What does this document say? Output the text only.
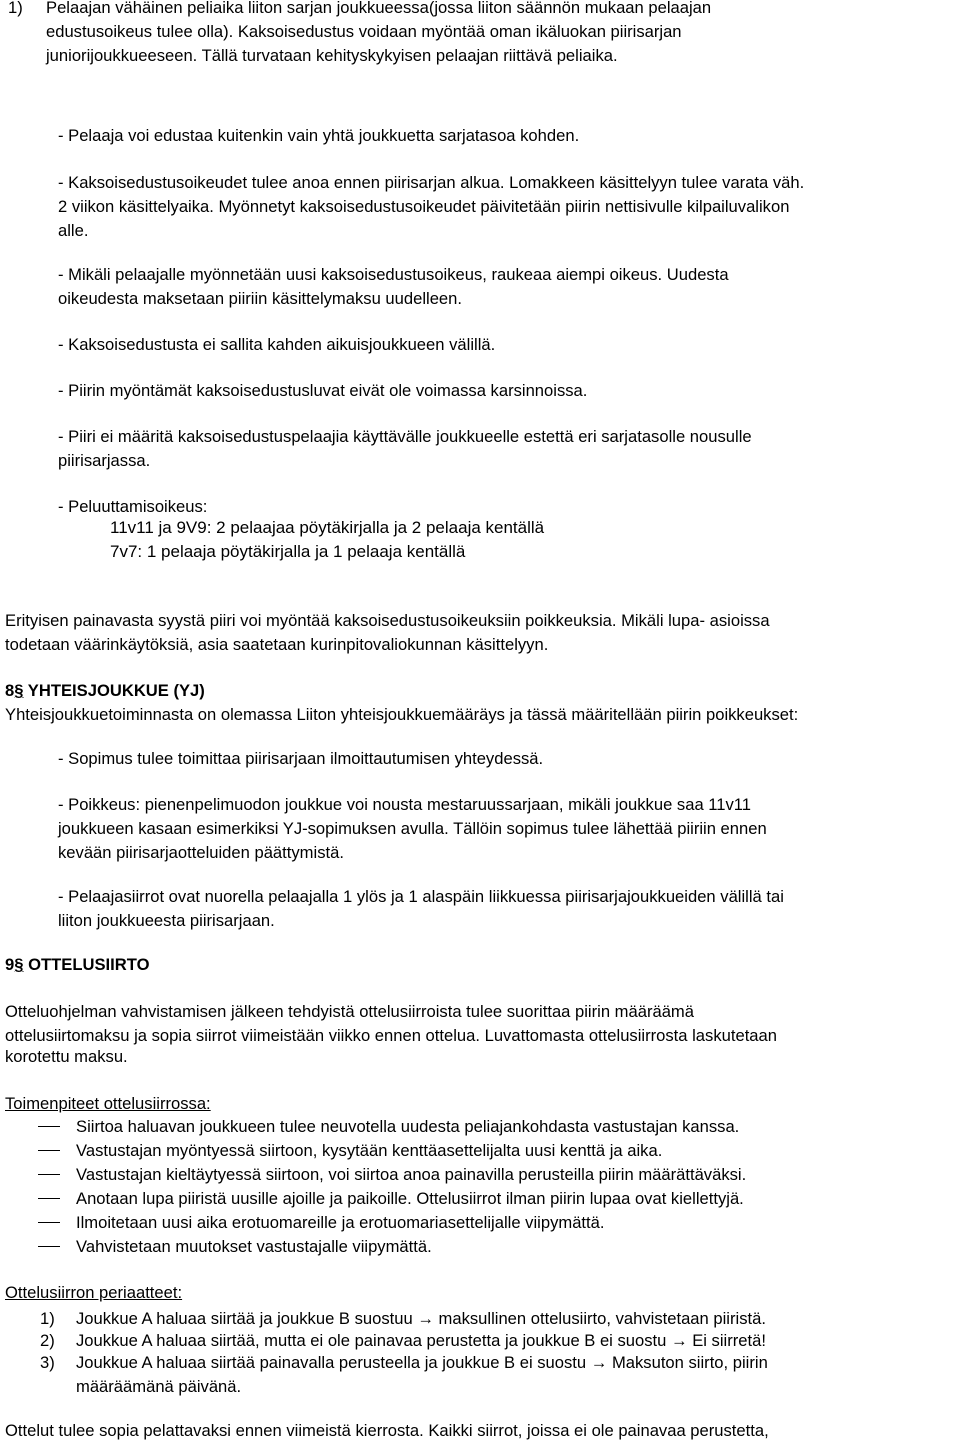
1) Pelaajan vähäinen peliaika liiton sarjan joukkueessa(jossa liiton säännön mukaan pelaajan
edustusoikeus tulee olla). Kaksoisedustus voidaan myöntää oman ikäluokan piirisarjan
juniorijoukkueeseen. Tällä turvataan kehityskykyisen pelaajan riittävä peliaika.
- Pelaaja voi edustaa kuitenkin vain yhtä joukkuetta sarjatasoa kohden.
- Kaksoisedustusoikeudet tulee anoa ennen piirisarjan alkua. Lomakkeen käsittelyyn tulee varata väh.
2 viikon käsittelyaika. Myönnetyt kaksoisedustusoikeudet päivitetään piirin nettisivulle kilpailuvalikon
alle.
- Mikäli pelaajalle myönnetään uusi kaksoisedustusoikeus, raukeaa aiempi oikeus. Uudesta
oikeudesta maksetaan piiriin käsittelymaksu uudelleen.
- Kaksoisedustusta ei sallita kahden aikuisjoukkueen välillä.
- Piirin myöntämät kaksoisedustusluvat eivät ole voimassa karsinnoissa.
- Piiri ei määritä kaksoisedustuspelaajia käyttävälle joukkueelle estettä eri sarjatasolle nousulle
piirisarjassa.
- Peluuttamisoikeus:
11v11 ja 9V9: 2 pelaajaa pöytäkirjalla ja 2 pelaaja kentällä
7v7: 1 pelaaja pöytäkirjalla ja 1 pelaaja kentällä
Erityisen painavasta syystä piiri voi myöntää kaksoisedustusoikeuksiin poikkeuksia. Mikäli lupa- asioissa
todetaan väärinkäytöksiä, asia saatetaan kurinpitovaliokunnan käsittelyyn.
8§ YHTEISJOUKKUE (YJ)
Yhteisjoukkuetoiminnasta on olemassa Liiton yhteisjoukkuemääräys ja tässä määritellään piirin poikkeukset:
- Sopimus tulee toimittaa piirisarjaan ilmoittautumisen yhteydessä.
- Poikkeus: pienenpelimuodon joukkue voi nousta mestaruussarjaan, mikäli joukkue saa 11v11
joukkueen kasaan esimerkiksi YJ-sopimuksen avulla. Tällöin sopimus tulee lähettää piiriin ennen
kevään piirisarjaotteluiden päättymistä.
- Pelaajasiirrot ovat nuorella pelaajalla 1 ylös ja 1 alaspäin liikkuessa piirisarjajoukkueiden välillä tai
liiton joukkueesta piirisarjaan.
9§ OTTELUSIIRTO
Otteluohjelman vahvistamisen jälkeen tehdyistä ottelusiirroista tulee suorittaa piirin määräämä
ottelusiirtomaksu ja sopia siirrot viimeistään viikko ennen ottelua. Luvattomasta ottelusiirrosta laskutetaan
korotettu maksu.
Toimenpiteet ottelusiirrossa:
Siirtoa haluavan joukkueen tulee neuvotella uudesta peliajankohdasta vastustajan kanssa.
Vastustajan myöntyessä siirtoon, kysytään kenttäasettelijalta uusi kenttä ja aika.
Vastustajan kieltäytyessä siirtoon, voi siirtoa anoa painavilla perusteilla piirin määrättäväksi.
Anotaan lupa piiristä uusille ajoille ja paikoille. Ottelusiirrot ilman piirin lupaa ovat kiellettyjä.
Ilmoitetaan uusi aika erotuomareille ja erotuomariasettelijalle viipymättä.
Vahvistetaan muutokset vastustajalle viipymättä.
Ottelusiirron periaatteet:
1) Joukkue A haluaa siirtää ja joukkue B suostuu → maksullinen ottelusiirto, vahvistetaan piiristä.
2) Joukkue A haluaa siirtää, mutta ei ole painavaa perustetta ja joukkue B ei suostu → Ei siirretä!
3) Joukkue A haluaa siirtää painavalla perusteella ja joukkue B ei suostu → Maksuton siirto, piirin
määräämänä päivänä.
Ottelut tulee sopia pelattavaksi ennen viimeistä kierrosta. Kaikki siirrot, joissa ei ole painavaa perustetta,
